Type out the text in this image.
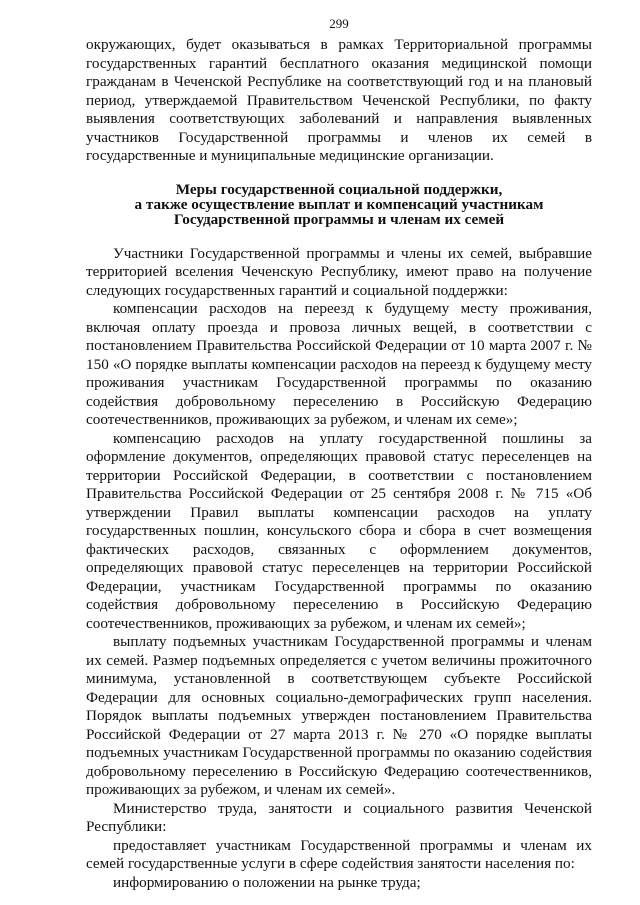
299

окружающих, будет оказываться в рамках Территориальной программы государственных гарантий бесплатного оказания медицинской помощи гражданам в Чеченской Республике на соответствующий год и на плановый период, утверждаемой Правительством Чеченской Республики, по факту выявления соответствующих заболеваний и направления выявленных участников Государственной программы и членов их семей в государственные и муниципальные медицинские организации.

Меры государственной социальной поддержки,
а также осуществление выплат и компенсаций участникам
Государственной программы и членам их семей

Участники Государственной программы и члены их семей, выбравшие территорией вселения Чеченскую Республику, имеют право на получение следующих государственных гарантий и социальной поддержки:

компенсации расходов на переезд к будущему месту проживания, включая оплату проезда и провоза личных вещей, в соответствии с постановлением Правительства Российской Федерации от 10 марта 2007 г. № 150 «О порядке выплаты компенсации расходов на переезд к будущему месту проживания участникам Государственной программы по оказанию содействия добровольному переселению в Российскую Федерацию соотечественников, проживающих за рубежом, и членам их семе»;

компенсацию расходов на уплату государственной пошлины за оформление документов, определяющих правовой статус переселенцев на территории Российской Федерации, в соответствии с постановлением Правительства Российской Федерации от 25 сентября 2008 г. № 715 «Об утверждении Правил выплаты компенсации расходов на уплату государственных пошлин, консульского сбора и сбора в счет возмещения фактических расходов, связанных с оформлением документов, определяющих правовой статус переселенцев на территории Российской Федерации, участникам Государственной программы по оказанию содействия добровольному переселению в Российскую Федерацию соотечественников, проживающих за рубежом, и членам их семей»;

выплату подъемных участникам Государственной программы и членам их семей. Размер подъемных определяется с учетом величины прожиточного минимума, установленной в соответствующем субъекте Российской Федерации для основных социально-демографических групп населения. Порядок выплаты подъемных утвержден постановлением Правительства Российской Федерации от 27 марта 2013 г. № 270 «О порядке выплаты подъемных участникам Государственной программы по оказанию содействия добровольному переселению в Российскую Федерацию соотечественников, проживающих за рубежом, и членам их семей».

Министерство труда, занятости и социального развития Чеченской Республики:

предоставляет участникам Государственной программы и членам их семей государственные услуги в сфере содействия занятости населения по:

информированию о положении на рынке труда;
